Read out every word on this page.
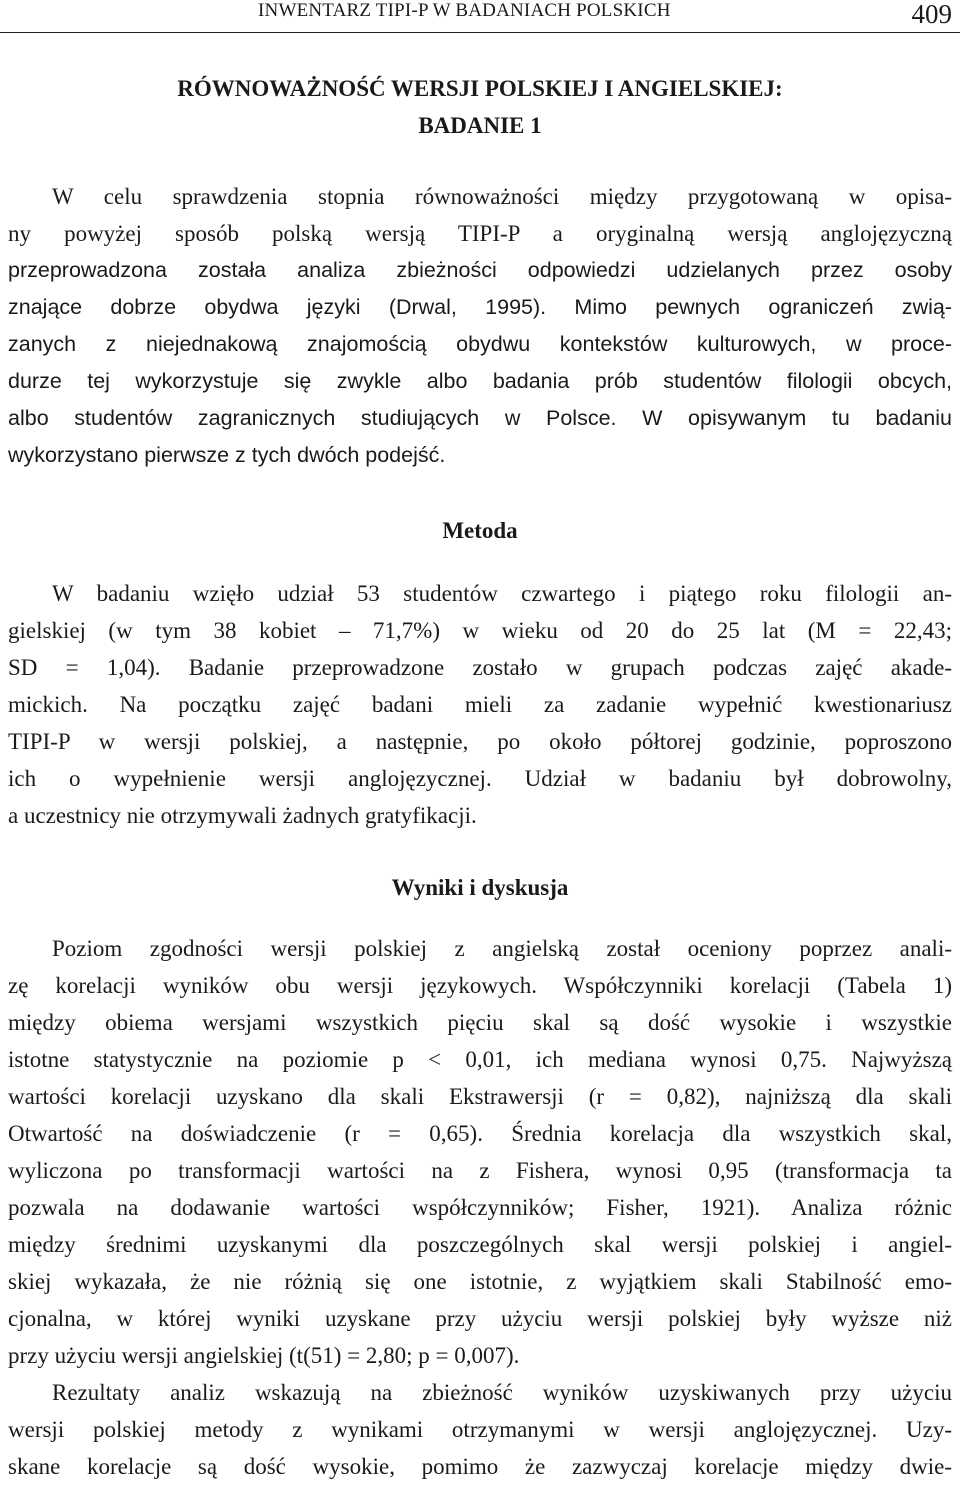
INWENTARZ TIPI-P W BADANIACH POLSKICH	409
RÓWNOWAŻNOŚĆ WERSJI POLSKIEJ I ANGIELSKIEJ:
BADANIE 1
W celu sprawdzenia stopnia równoważności między przygotowaną w opisa-
ny powyżej sposób polską wersją TIPI-P a oryginalną wersją anglojęzyczną
przeprowadzona została analiza zbieżności odpowiedzi udzielanych przez osoby
znające dobrze obydwa języki (Drwal, 1995). Mimo pewnych ograniczeń zwią-
zanych z niejednakową znajomością obydwu kontekstów kulturowych, w proce-
durze tej wykorzystuje się zwykle albo badania prób studentów filologii obcych,
albo studentów zagranicznych studiujących w Polsce. W opisywanym tu badaniu
wykorzystano pierwsze z tych dwóch podejść.
Metoda
W badaniu wzięło udział 53 studentów czwartego i piątego roku filologii an-
gielskiej (w tym 38 kobiet – 71,7%) w wieku od 20 do 25 lat (M = 22,43;
SD = 1,04). Badanie przeprowadzone zostało w grupach podczas zajęć akade-
mickich. Na początku zajęć badani mieli za zadanie wypełnić kwestionariusz
TIPI-P w wersji polskiej, a następnie, po około półtorej godzinie, poproszono
ich o wypełnienie wersji anglojęzycznej. Udział w badaniu był dobrowolny,
a uczestnicy nie otrzymywali żadnych gratyfikacji.
Wyniki i dyskusja
Poziom zgodności wersji polskiej z angielską został oceniony poprzez anali-
zę korelacji wyników obu wersji językowych. Współczynniki korelacji (Tabela 1)
między obiema wersjami wszystkich pięciu skal są dość wysokie i wszystkie
istotne statystycznie na poziomie p < 0,01, ich mediana wynosi 0,75. Najwyższą
wartości korelacji uzyskano dla skali Ekstrawersji (r = 0,82), najniższą dla skali
Otwartość na doświadczenie (r = 0,65). Średnia korelacja dla wszystkich skal,
wyliczona po transformacji wartości na z Fishera, wynosi 0,95 (transformacja ta
pozwala na dodawanie wartości współczynników; Fisher, 1921). Analiza różnic
między średnimi uzyskanymi dla poszczególnych skal wersji polskiej i angiel-
skiej wykazała, że nie różnią się one istotnie, z wyjątkiem skali Stabilność emo-
cjonalna, w której wyniki uzyskane przy użyciu wersji polskiej były wyższe niż
przy użyciu wersji angielskiej (t(51) = 2,80; p = 0,007).
Rezultaty analiz wskazują na zbieżność wyników uzyskiwanych przy użyciu
wersji polskiej metody z wynikami otrzymanymi w wersji anglojęzycznej. Uzy-
skane korelacje są dość wysokie, pomimo że zazwyczaj korelacje między dwie-
